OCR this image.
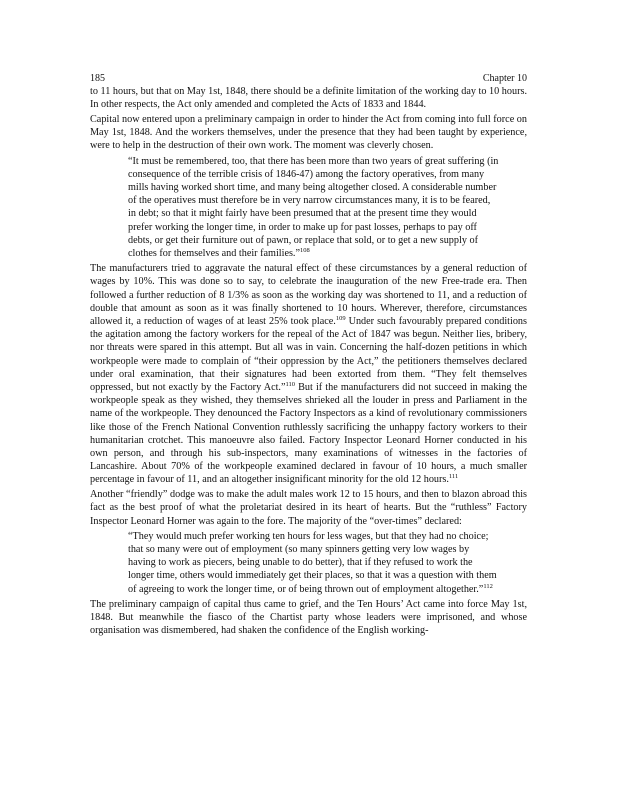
185	Chapter 10

to 11 hours, but that on May 1st, 1848, there should be a definite limitation of the working day to 10 hours. In other respects, the Act only amended and completed the Acts of 1833 and 1844.

Capital now entered upon a preliminary campaign in order to hinder the Act from coming into full force on May 1st, 1848. And the workers themselves, under the presence that they had been taught by experience, were to help in the destruction of their own work. The moment was cleverly chosen.

“It must be remembered, too, that there has been more than two years of great suffering (in consequence of the terrible crisis of 1846-47) among the factory operatives, from many mills having worked short time, and many being altogether closed. A considerable number of the operatives must therefore be in very narrow circumstances many, it is to be feared, in debt; so that it might fairly have been presumed that at the present time they would prefer working the longer time, in order to make up for past losses, perhaps to pay off debts, or get their furniture out of pawn, or replace that sold, or to get a new supply of clothes for themselves and their families.”$^{108}$

The manufacturers tried to aggravate the natural effect of these circumstances by a general reduction of wages by 10%. This was done so to say, to celebrate the inauguration of the new Free-trade era. Then followed a further reduction of 8 1/3% as soon as the working day was shortened to 11, and a reduction of double that amount as soon as it was finally shortened to 10 hours. Wherever, therefore, circumstances allowed it, a reduction of wages of at least 25% took place.$^{109}$ Under such favourably prepared conditions the agitation among the factory workers for the repeal of the Act of 1847 was begun. Neither lies, bribery, nor threats were spared in this attempt. But all was in vain. Concerning the half-dozen petitions in which workpeople were made to complain of “their oppression by the Act,” the petitioners themselves declared under oral examination, that their signatures had been extorted from them. “They felt themselves oppressed, but not exactly by the Factory Act.”$^{110}$ But if the manufacturers did not succeed in making the workpeople speak as they wished, they themselves shrieked all the louder in press and Parliament in the name of the workpeople. They denounced the Factory Inspectors as a kind of revolutionary commissioners like those of the French National Convention ruthlessly sacrificing the unhappy factory workers to their humanitarian crotchet. This manoeuvre also failed. Factory Inspector Leonard Horner conducted in his own person, and through his sub-inspectors, many examinations of witnesses in the factories of Lancashire. About 70% of the workpeople examined declared in favour of 10 hours, a much smaller percentage in favour of 11, and an altogether insignificant minority for the old 12 hours.$^{111}$

Another “friendly” dodge was to make the adult males work 12 to 15 hours, and then to blazon abroad this fact as the best proof of what the proletariat desired in its heart of hearts. But the “ruthless” Factory Inspector Leonard Horner was again to the fore. The majority of the “over-times” declared:

“They would much prefer working ten hours for less wages, but that they had no choice; that so many were out of employment (so many spinners getting very low wages by having to work as piecers, being unable to do better), that if they refused to work the longer time, others would immediately get their places, so that it was a question with them of agreeing to work the longer time, or of being thrown out of employment altogether.”$^{112}$

The preliminary campaign of capital thus came to grief, and the Ten Hours’ Act came into force May 1st, 1848. But meanwhile the fiasco of the Chartist party whose leaders were imprisoned, and whose organisation was dismembered, had shaken the confidence of the English working-
